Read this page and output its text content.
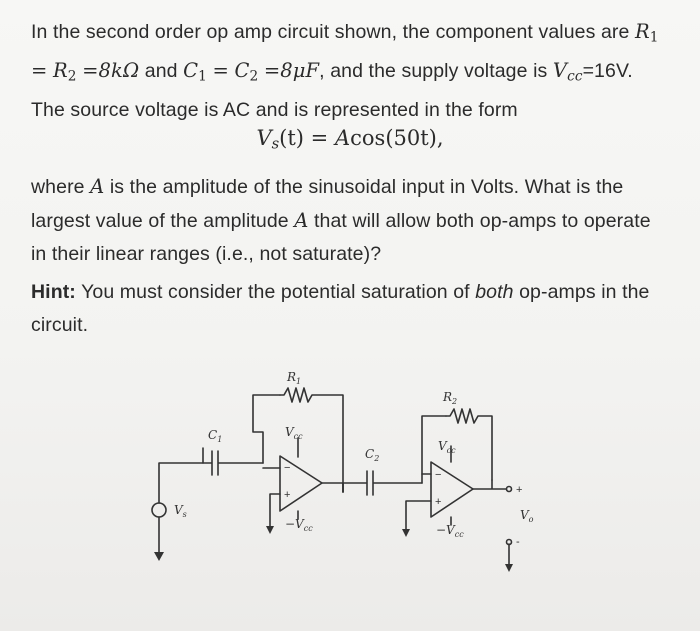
In the second order op amp circuit shown, the component values are $R_1 = R_2 =8k\Omega$ and $C_1 = C_2 =8\mu F$, and the supply voltage is $V_{cc}=16V$. The source voltage is AC and is represented in the form
$V_s(t) = Acos(50t)$,
where A is the amplitude of the sinusoidal input in Volts. What is the largest value of the amplitude A that will allow both op-amps to operate in their linear ranges (i.e., not saturate)?
Hint: You must consider the potential saturation of both op-amps in the circuit.
$V_s$
$C_1$
$R_1$
$V_{cc}$
$-V_{cc}$
$C_2$
$R_2$
$V_{cc}$
$-V_{cc}$
$V_o$
−
+
−
+
+
-
